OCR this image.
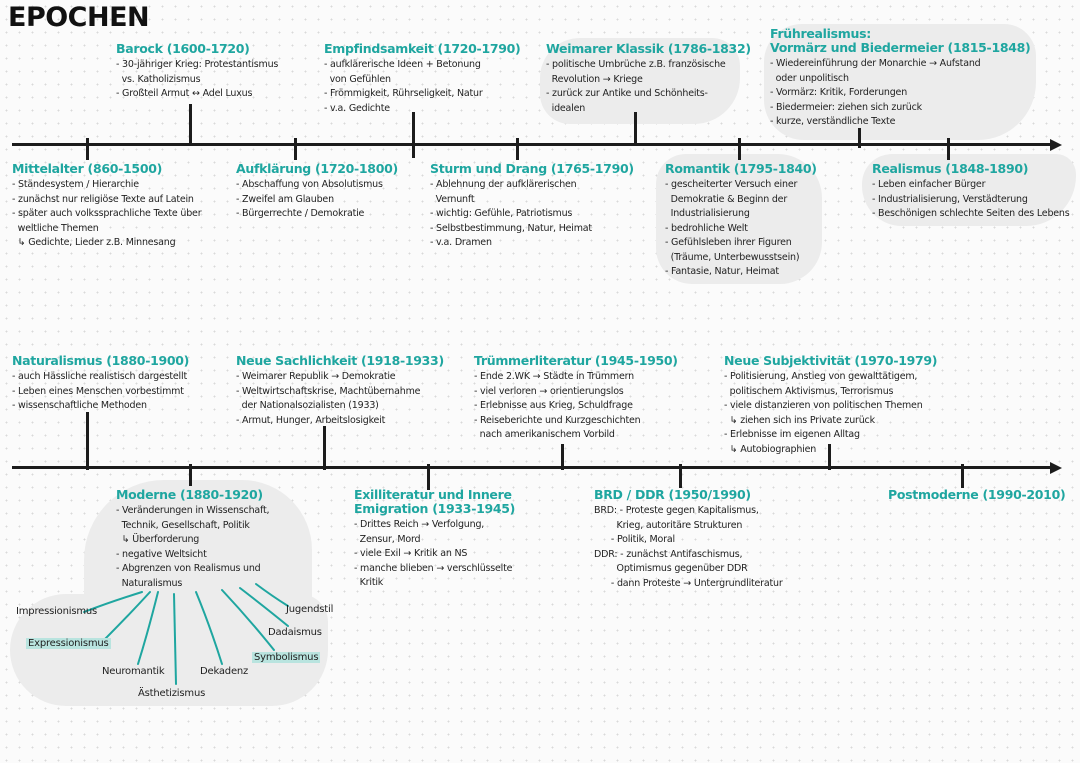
EPOCHEN
Barock (1600-1720)
- 30-jähriger Krieg: Protestantismus
vs. Katholizismus
- Großteil Armut ↔ Adel Luxus
Empfindsamkeit (1720-1790)
- aufklärerische Ideen + Betonung
von Gefühlen
- Frömmigkeit, Rührseligkeit, Natur
- v.a. Gedichte
Weimarer Klassik (1786-1832)
- politische Umbrüche z.B. französische
Revolution → Kriege
- zurück zur Antike und Schönheits-
idealen
Frührealismus:
Vormärz und Biedermeier (1815-1848)
- Wiedereinführung der Monarchie → Aufstand
oder unpolitisch
- Vormärz: Kritik, Forderungen
- Biedermeier: ziehen sich zurück
- kurze, verständliche Texte
Mittelalter (860-1500)
- Ständesystem / Hierarchie
- zunächst nur religiöse Texte auf Latein
- später auch volkssprachliche Texte über
weltliche Themen
↳ Gedichte, Lieder z.B. Minnesang
Aufklärung (1720-1800)
- Abschaffung von Absolutismus
- Zweifel am Glauben
- Bürgerrechte / Demokratie
Sturm und Drang (1765-1790)
- Ablehnung der aufklärerischen
Vernunft
- wichtig: Gefühle, Patriotismus
- Selbstbestimmung, Natur, Heimat
- v.a. Dramen
Romantik (1795-1840)
- gescheiterter Versuch einer
Demokratie & Beginn der
Industrialisierung
- bedrohliche Welt
- Gefühlsleben ihrer Figuren
(Träume, Unterbewusstsein)
- Fantasie, Natur, Heimat
Realismus (1848-1890)
- Leben einfacher Bürger
- Industrialisierung, Verstädterung
- Beschönigen schlechte Seiten des Lebens
Naturalismus (1880-1900)
- auch Hässliche realistisch dargestellt
- Leben eines Menschen vorbestimmt
- wissenschaftliche Methoden
Neue Sachlichkeit (1918-1933)
- Weimarer Republik → Demokratie
- Weltwirtschaftskrise, Machtübernahme
der Nationalsozialisten (1933)
- Armut, Hunger, Arbeitslosigkeit
Trümmerliteratur (1945-1950)
- Ende 2.WK → Städte in Trümmern
- viel verloren → orientierungslos
- Erlebnisse aus Krieg, Schuldfrage
- Reiseberichte und Kurzgeschichten
nach amerikanischem Vorbild
Neue Subjektivität (1970-1979)
- Politisierung, Anstieg von gewalttätigem,
politischem Aktivismus, Terrorismus
- viele distanzieren von politischen Themen
↳ ziehen sich ins Private zurück
- Erlebnisse im eigenen Alltag
↳ Autobiographien
Moderne (1880-1920)
- Veränderungen in Wissenschaft,
Technik, Gesellschaft, Politik
↳ Überforderung
- negative Weltsicht
- Abgrenzen von Realismus und
Naturalismus
Exilliteratur und Innere
Emigration (1933-1945)
- Drittes Reich → Verfolgung,
Zensur, Mord
- viele Exil → Kritik an NS
- manche blieben → verschlüsselte
Kritik
BRD / DDR (1950/1990)
BRD: - Proteste gegen Kapitalismus,
Krieg, autoritäre Strukturen
- Politik, Moral
DDR: - zunächst Antifaschismus,
Optimismus gegenüber DDR
- dann Proteste → Untergrundliteratur
Postmoderne (1990-2010)
Impressionismus
Expressionismus
Neuromantik
Ästhetizismus
Dekadenz
Symbolismus
Dadaismus
Jugendstil
